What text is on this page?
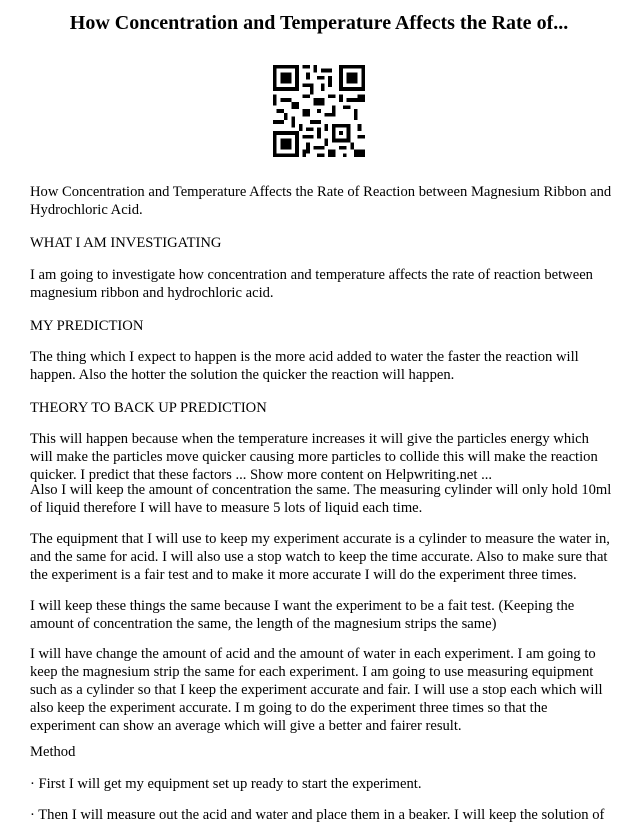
How Concentration and Temperature Affects the Rate of...

How Concentration and Temperature Affects the Rate of Reaction between Magnesium Ribbon and Hydrochloric Acid.

WHAT I AM INVESTIGATING

I am going to investigate how concentration and temperature affects the rate of reaction between magnesium ribbon and hydrochloric acid.

MY PREDICTION

The thing which I expect to happen is the more acid added to water the faster the reaction will happen. Also the hotter the solution the quicker the reaction will happen.

THEORY TO BACK UP PREDICTION

This will happen because when the temperature increases it will give the particles energy which will make the particles move quicker causing more particles to collide this will make the reaction quicker. I predict that these factors ... Show more content on Helpwriting.net ...

Also I will keep the amount of concentration the same. The measuring cylinder will only hold 10ml of liquid therefore I will have to measure 5 lots of liquid each time.

The equipment that I will use to keep my experiment accurate is a cylinder to measure the water in, and the same for acid. I will also use a stop watch to keep the time accurate. Also to make sure that the experiment is a fair test and to make it more accurate I will do the experiment three times.

I will keep these things the same because I want the experiment to be a fait test. (Keeping the amount of concentration the same, the length of the magnesium strips the same)

I will have change the amount of acid and the amount of water in each experiment. I am going to keep the magnesium strip the same for each experiment. I am going to use measuring equipment such as a cylinder so that I keep the experiment accurate and fair. I will use a stop each which will also keep the experiment accurate. I m going to do the experiment three times so that the experiment can show an average which will give a better and fairer result.

Method

· First I will get my equipment set up ready to start the experiment.

· Then I will measure out the acid and water and place them in a beaker. I will keep the solution of
